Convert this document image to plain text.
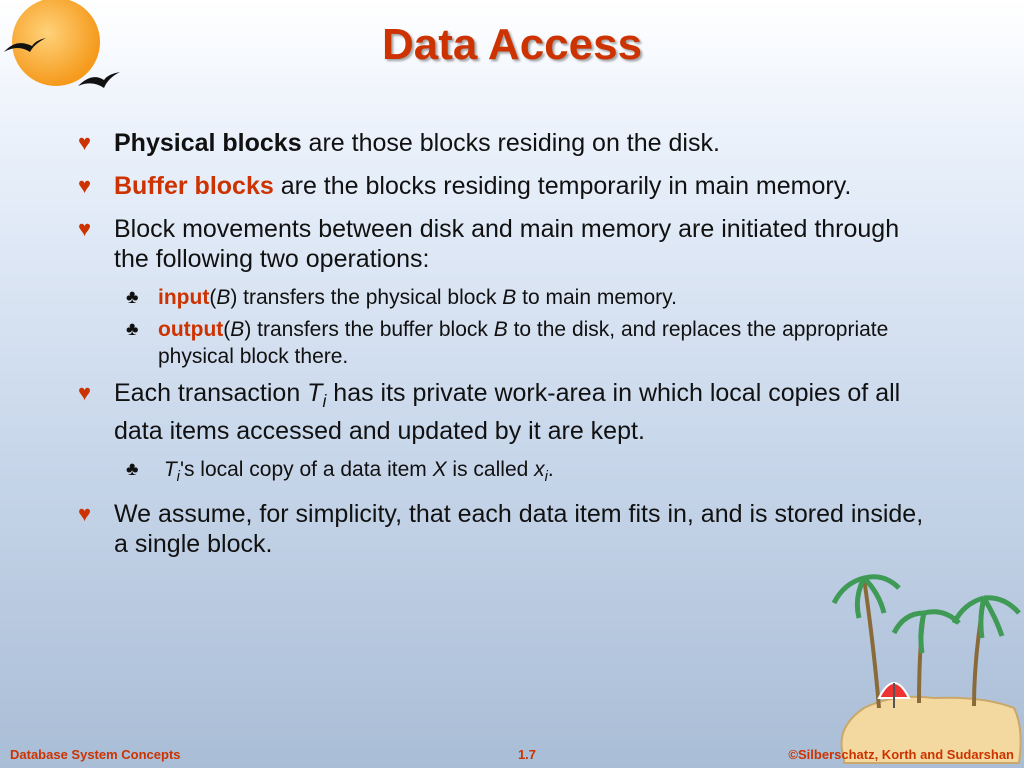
Data Access
♥ Physical blocks are those blocks residing on the disk.
♥ Buffer blocks are the blocks residing temporarily in main memory.
♥ Block movements between disk and main memory are initiated through the following two operations:
♣ input(B) transfers the physical block B to main memory.
♣ output(B) transfers the buffer block B to the disk, and replaces the appropriate physical block there.
♥ Each transaction $T_i$ has its private work-area in which local copies of all data items accessed and updated by it are kept.
♣ $T_i's$ local copy of a data item X is called $x_i$.
♥ We assume, for simplicity, that each data item fits in, and is stored inside, a single block.
Database System Concepts	1.7	©Silberschatz, Korth and Sudarshan
